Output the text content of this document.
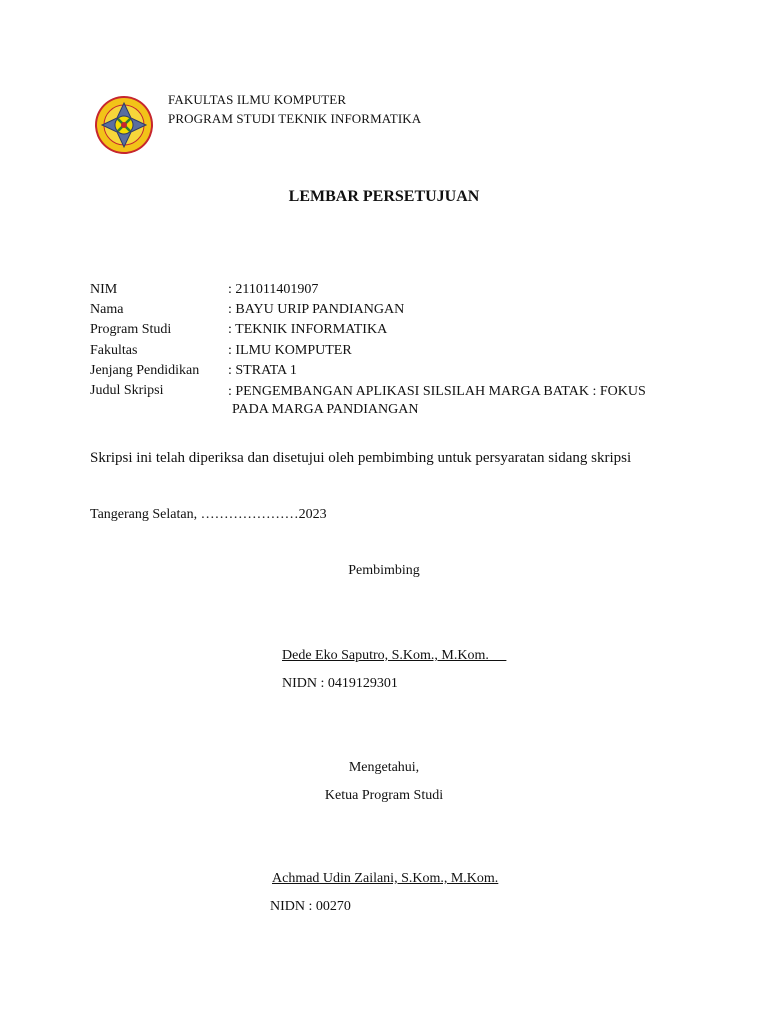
FAKULTAS ILMU KOMPUTER
PROGRAM STUDI TEKNIK INFORMATIKA
LEMBAR PERSETUJUAN
NIM	: 211011401907
Nama	: BAYU URIP PANDIANGAN
Program Studi	: TEKNIK INFORMATIKA
Fakultas	: ILMU KOMPUTER
Jenjang Pendidikan : STRATA 1
Judul Skripsi	: PENGEMBANGAN APLIKASI SILSILAH MARGA BATAK : FOKUS
PADA MARGA PANDIANGAN
Skripsi ini telah diperiksa dan disetujui oleh pembimbing untuk persyaratan sidang skripsi
Tangerang Selatan, …………………2023
Pembimbing
Dede Eko Saputro, S.Kom., M.Kom.
NIDN : 0419129301
Mengetahui,
Ketua Program Studi
Achmad Udin Zailani, S.Kom., M.Kom.
NIDN : 00270
